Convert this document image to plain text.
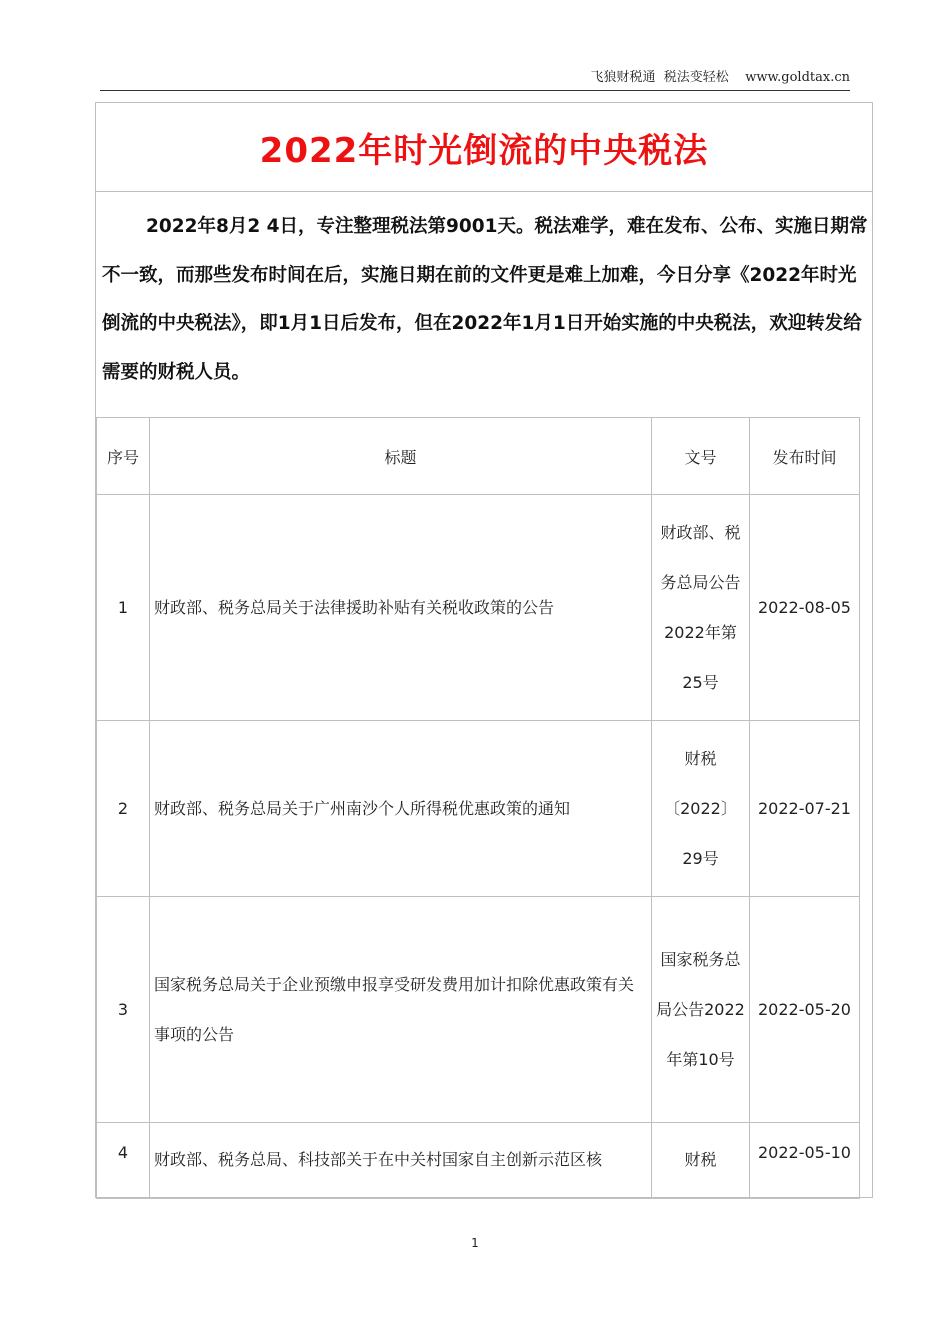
飞狼财税通 税法变轻松 www.goldtax.cn
2022年时光倒流的中央税法
2022年8月2 4日，专注整理税法第9001天。税法难学，难在发布、公布、实施日期常不一致，而那些发布时间在后，实施日期在前的文件更是难上加难，今日分享《2022年时光倒流的中央税法》，即1月1日后发布，但在2022年1月1日开始实施的中央税法，欢迎转发给需要的财税人员。
序号	标题	文号	发布时间
1	财政部、税务总局关于法律援助补贴有关税收政策的公告	财政部、税务总局公告2022年第25号	2022-08-05
2	财政部、税务总局关于广州南沙个人所得税优惠政策的通知	财税〔2022〕29号	2022-07-21
3	国家税务总局关于企业预缴申报享受研发费用加计扣除优惠政策有关事项的公告	国家税务总局公告2022年第10号	2022-05-20
4	财政部、税务总局、科技部关于在中关村国家自主创新示范区核	财税	2022-05-10
1
